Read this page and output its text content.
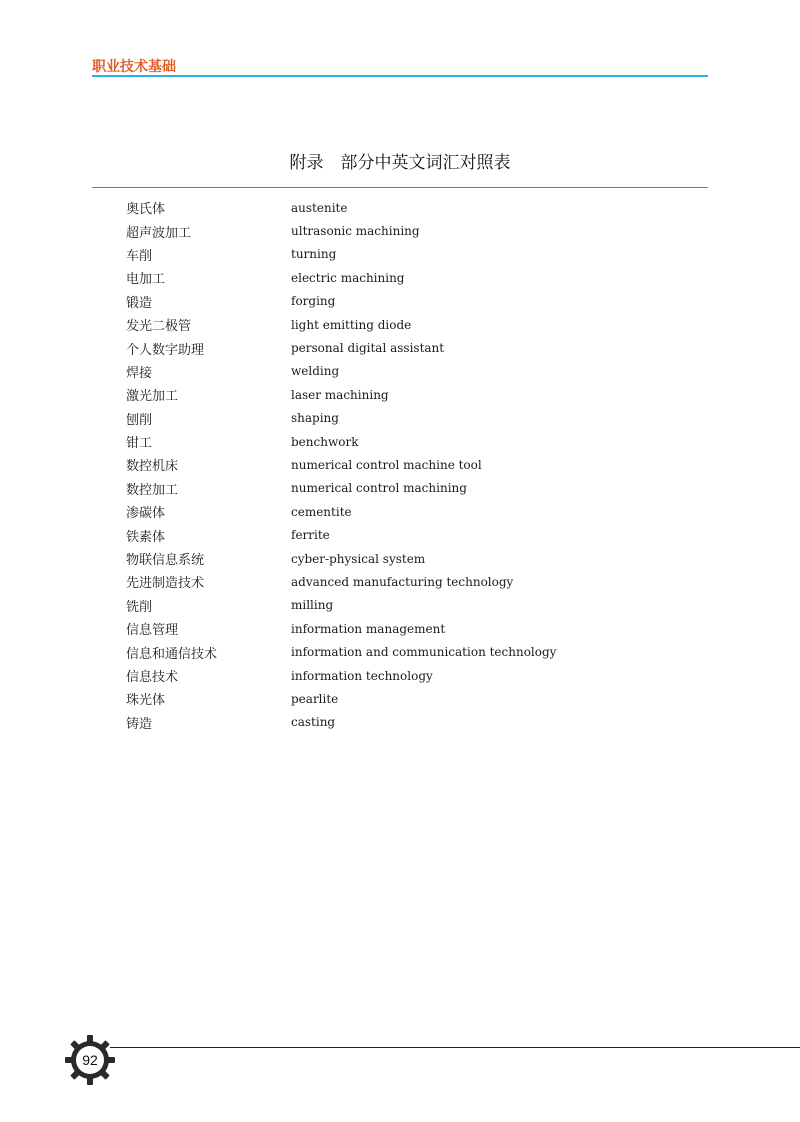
职业技术基础
附录　部分中英文词汇对照表
奥氏体	austenite
超声波加工	ultrasonic machining
车削	turning
电加工	electric machining
锻造	forging
发光二极管	light emitting diode
个人数字助理	personal digital assistant
焊接	welding
激光加工	laser machining
刨削	shaping
钳工	benchwork
数控机床	numerical control machine tool
数控加工	numerical control machining
渗碳体	cementite
铁素体	ferrite
物联信息系统	cyber-physical system
先进制造技术	advanced manufacturing technology
铣削	milling
信息管理	information management
信息和通信技术	information and communication technology
信息技术	information technology
珠光体	pearlite
铸造	casting
92
